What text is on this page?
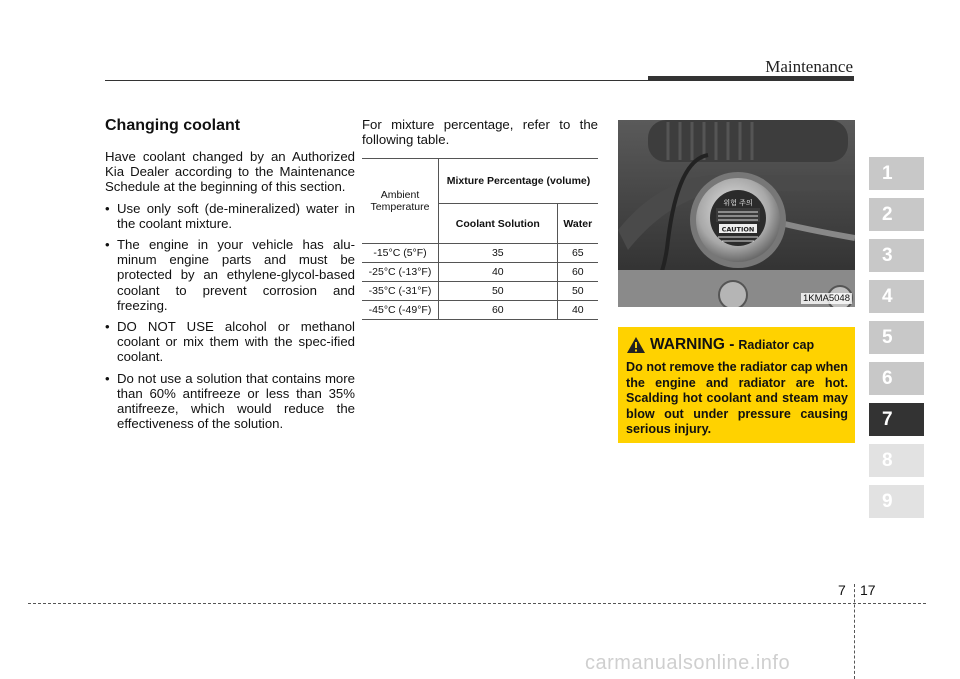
Maintenance
Changing coolant

Have coolant changed by an Authorized Kia Dealer according to the Maintenance Schedule at the beginning of this section.

• Use only soft (de-mineralized) water in the coolant mixture.
• The engine in your vehicle has alu-minum engine parts and must be protected by an ethylene-glycol-based coolant to prevent corrosion and freezing.
• DO NOT USE alcohol or methanol coolant or mix them with the spec-ified coolant.
• Do not use a solution that contains more than 60% antifreeze or less than 35% antifreeze, which would reduce the effectiveness of the solution.

For mixture percentage, refer to the following table.

Ambient Temperature	Mixture Percentage (volume)	
	Coolant Solution	Water
-15°C (5°F)	35	65
-25°C (-13°F)	40	60
-35°C (-31°F)	50	50
-45°C (-49°F)	60	40
위험 주의
CAUTION
1KMA5048
WARNING - Radiator cap

Do not remove the radiator cap when the engine and radiator are hot. Scalding hot coolant and steam may blow out under pressure causing serious injury.

1
2
3
4
5
6
7
8
9
7 17
carmanualsonline.info
